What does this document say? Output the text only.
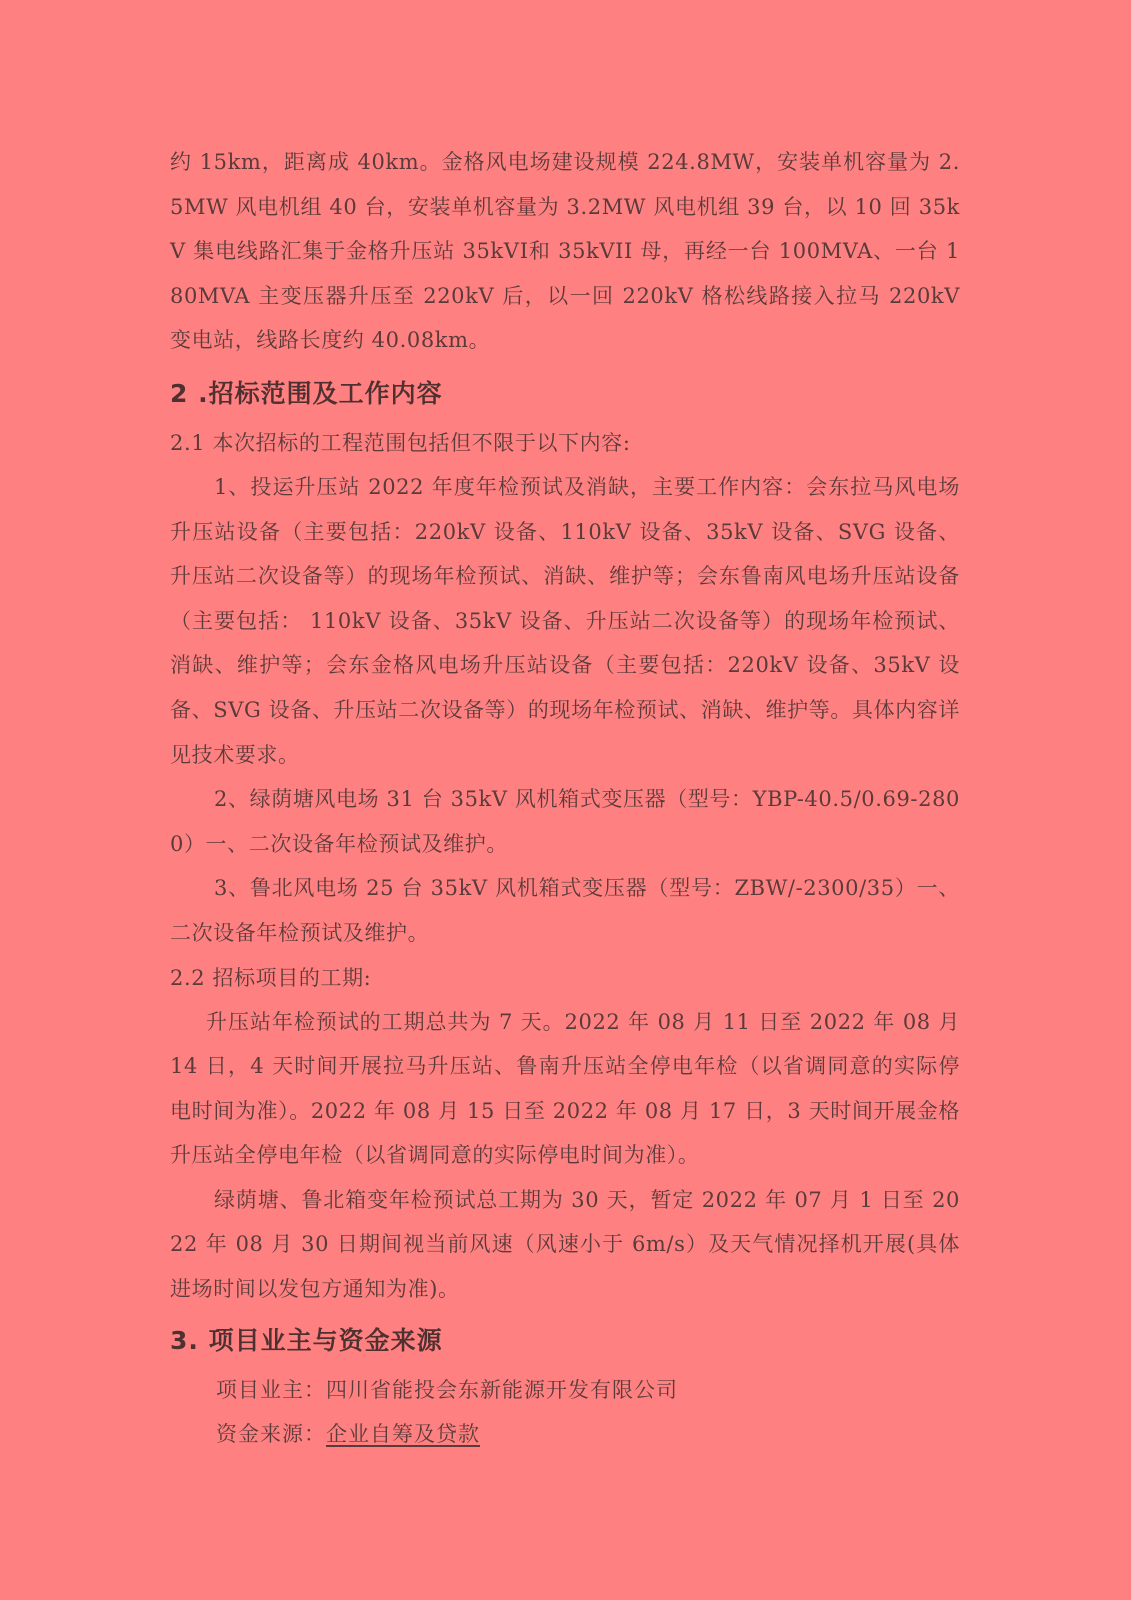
约 15km，距离成 40km。金格风电场建设规模 224.8MW，安装单机容量为 2.5MW 风电机组 40 台，安装单机容量为 3.2MW 风电机组 39 台，以 10 回 35kV 集电线路汇集于金格升压站 35kVⅠ和 35kVII 母，再经一台 100MVA、一台 180MVA 主变压器升压至 220kV 后，以一回 220kV 格松线路接入拉马 220kV 变电站，线路长度约 40.08km。

2 .招标范围及工作内容

2.1 本次招标的工程范围包括但不限于以下内容:

1、投运升压站 2022 年度年检预试及消缺，主要工作内容：会东拉马风电场升压站设备（主要包括：220kV 设备、110kV 设备、35kV 设备、SVG 设备、升压站二次设备等）的现场年检预试、消缺、维护等；会东鲁南风电场升压站设备（主要包括： 110kV 设备、35kV 设备、升压站二次设备等）的现场年检预试、消缺、维护等；会东金格风电场升压站设备（主要包括：220kV 设备、35kV 设备、SVG 设备、升压站二次设备等）的现场年检预试、消缺、维护等。具体内容详见技术要求。

2、绿荫塘风电场 31 台 35kV 风机箱式变压器（型号：YBP-40.5/0.69-2800）一、二次设备年检预试及维护。

3、鲁北风电场 25 台 35kV 风机箱式变压器（型号：ZBW/-2300/35）一、二次设备年检预试及维护。

2.2 招标项目的工期:

升压站年检预试的工期总共为 7 天。2022 年 08 月 11 日至 2022 年 08 月 14 日，4 天时间开展拉马升压站、鲁南升压站全停电年检（以省调同意的实际停电时间为准）。2022 年 08 月 15 日至 2022 年 08 月 17 日，3 天时间开展金格升压站全停电年检（以省调同意的实际停电时间为准）。

绿荫塘、鲁北箱变年检预试总工期为 30 天，暂定 2022 年 07 月 1 日至 2022 年 08 月 30 日期间视当前风速（风速小于 6m/s）及天气情况择机开展(具体进场时间以发包方通知为准)。

3. 项目业主与资金来源

项目业主：四川省能投会东新能源开发有限公司

资金来源：企业自筹及贷款
